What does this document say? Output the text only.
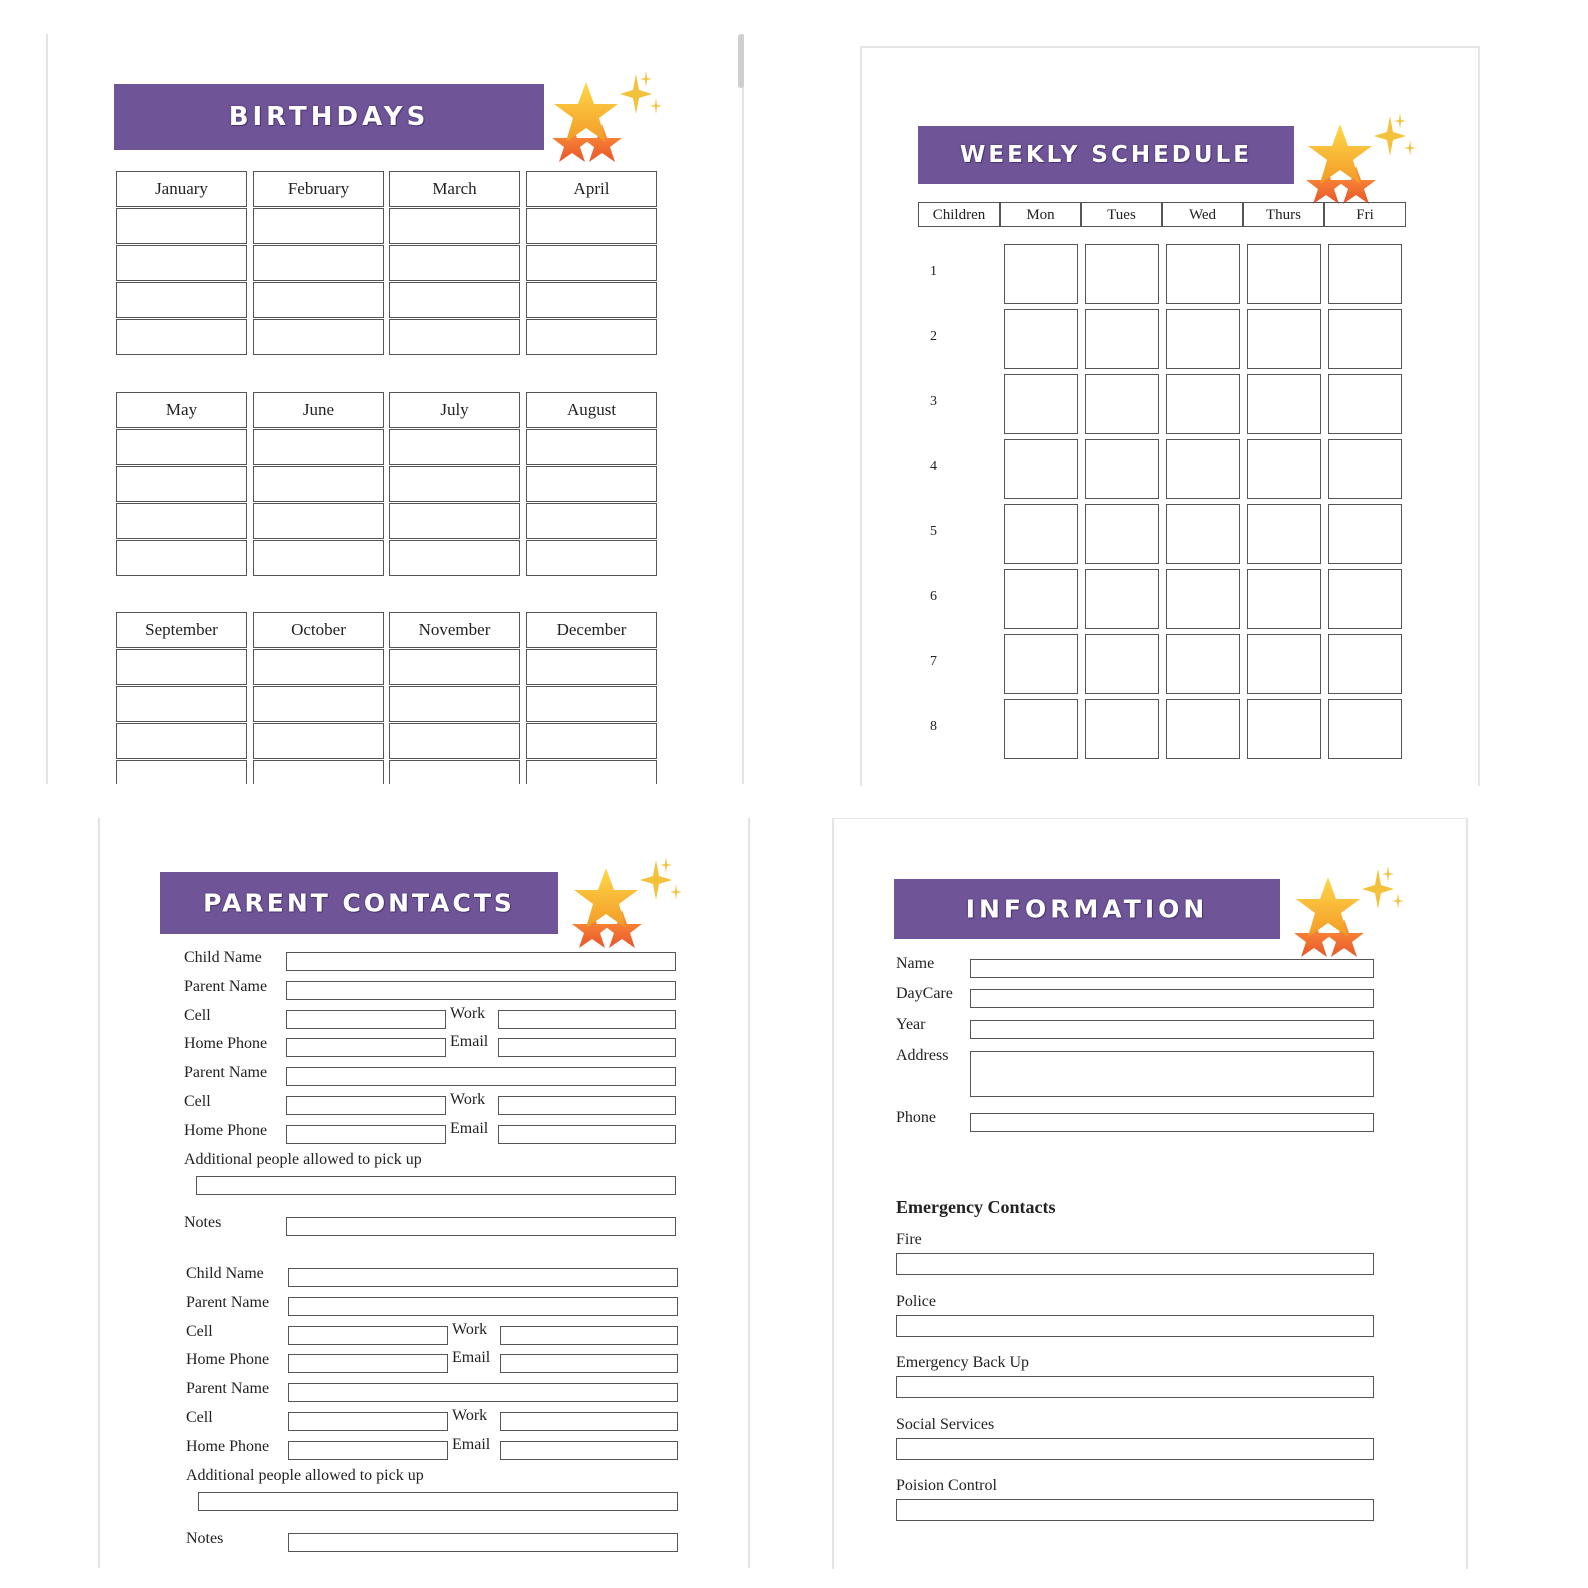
BIRTHDAYS
January	February	March	April
May	June	July	August
September	October	November	December
WEEKLY SCHEDULE
Children	Mon	Tues	Wed	Thurs	Fri
1
2
3
4
5
6
7
8
PARENT CONTACTS
Child Name
Parent Name
Cell	Work
Home Phone	Email
Parent Name
Cell	Work
Home Phone	Email
Additional people allowed to pick up
Notes
Child Name
Parent Name
Cell	Work
Home Phone	Email
Parent Name
Cell	Work
Home Phone	Email
Additional people allowed to pick up
Notes
INFORMATION
Name
DayCare
Year
Address
Phone
Emergency Contacts
Fire
Police
Emergency Back Up
Social Services
Poision Control
